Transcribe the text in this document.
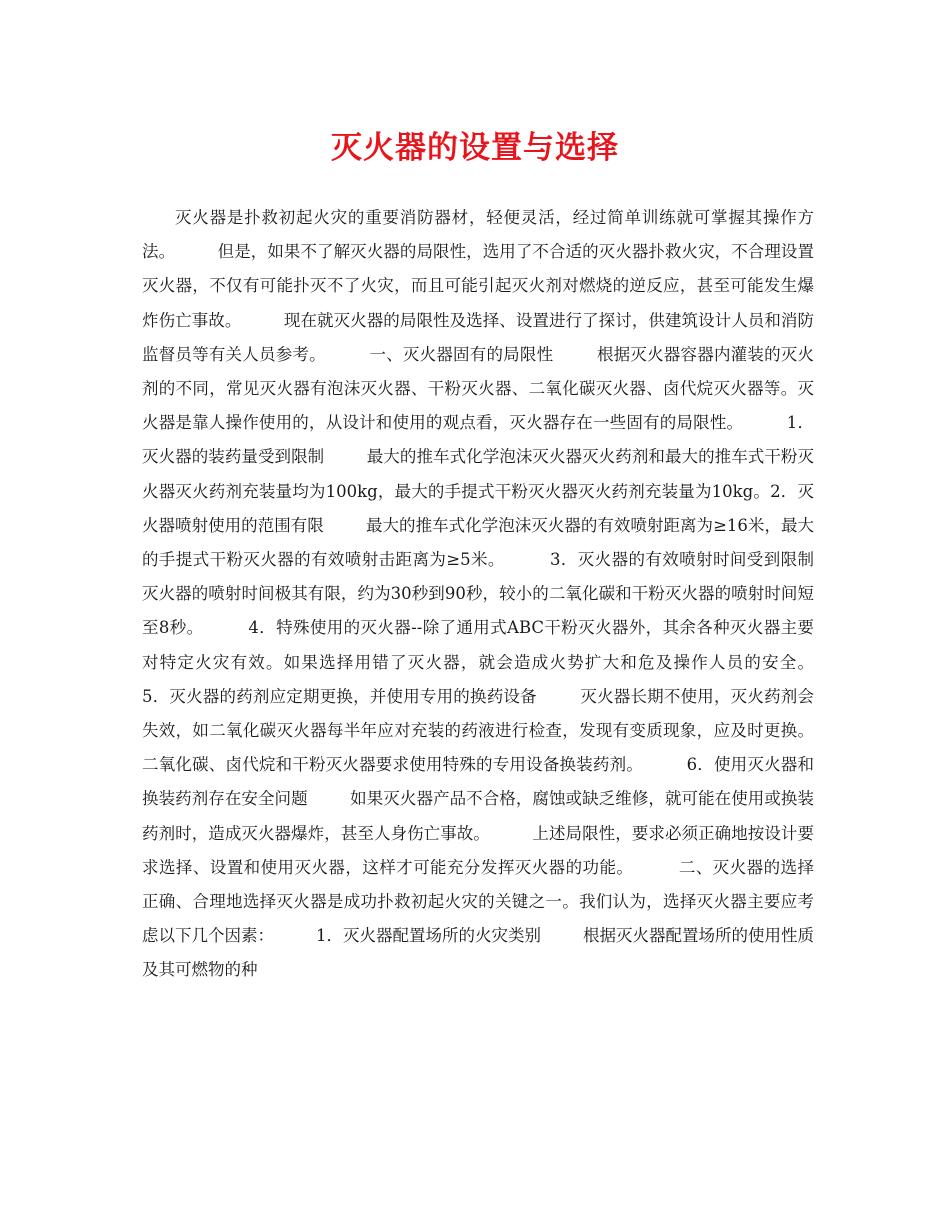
灭火器的设置与选择

灭火器是扑救初起火灾的重要消防器材，轻便灵活，经过简单训练就可掌握其操作方法。        但是，如果不了解灭火器的局限性，选用了不合适的灭火器扑救火灾，不合理设置灭火器，不仅有可能扑灭不了火灾，而且可能引起灭火剂对燃烧的逆反应，甚至可能发生爆炸伤亡事故。        现在就灭火器的局限性及选择、设置进行了探讨，供建筑设计人员和消防监督员等有关人员参考。        一、灭火器固有的局限性        根据灭火器容器内灌装的灭火剂的不同，常见灭火器有泡沫灭火器、干粉灭火器、二氧化碳灭火器、卤代烷灭火器等。灭火器是靠人操作使用的，从设计和使用的观点看，灭火器存在一些固有的局限性。        1．灭火器的装药量受到限制        最大的推车式化学泡沫灭火器灭火药剂和最大的推车式干粉灭火器灭火药剂充装量均为100kg，最大的手提式干粉灭火器灭火药剂充装量为10kg。2．灭火器喷射使用的范围有限        最大的推车式化学泡沫灭火器的有效喷射距离为≥16米，最大的手提式干粉灭火器的有效喷射击距离为≥5米。        3．灭火器的有效喷射时间受到限制        灭火器的喷射时间极其有限，约为30秒到90秒，较小的二氧化碳和干粉灭火器的喷射时间短至8秒。        4．特殊使用的灭火器--除了通用式ABC干粉灭火器外，其余各种灭火器主要对特定火灾有效。如果选择用错了灭火器，就会造成火势扩大和危及操作人员的安全。        5．灭火器的药剂应定期更换，并使用专用的换药设备        灭火器长期不使用，灭火药剂会失效，如二氧化碳灭火器每半年应对充装的药液进行检查，发现有变质现象，应及时更换。二氧化碳、卤代烷和干粉灭火器要求使用特殊的专用设备换装药剂。        6．使用灭火器和换装药剂存在安全问题        如果灭火器产品不合格，腐蚀或缺乏维修，就可能在使用或换装药剂时，造成灭火器爆炸，甚至人身伤亡事故。        上述局限性，要求必须正确地按设计要求选择、设置和使用灭火器，这样才可能充分发挥灭火器的功能。        二、灭火器的选择        正确、合理地选择灭火器是成功扑救初起火灾的关键之一。我们认为，选择灭火器主要应考虑以下几个因素：        1．灭火器配置场所的火灾类别        根据灭火器配置场所的使用性质及其可燃物的种
